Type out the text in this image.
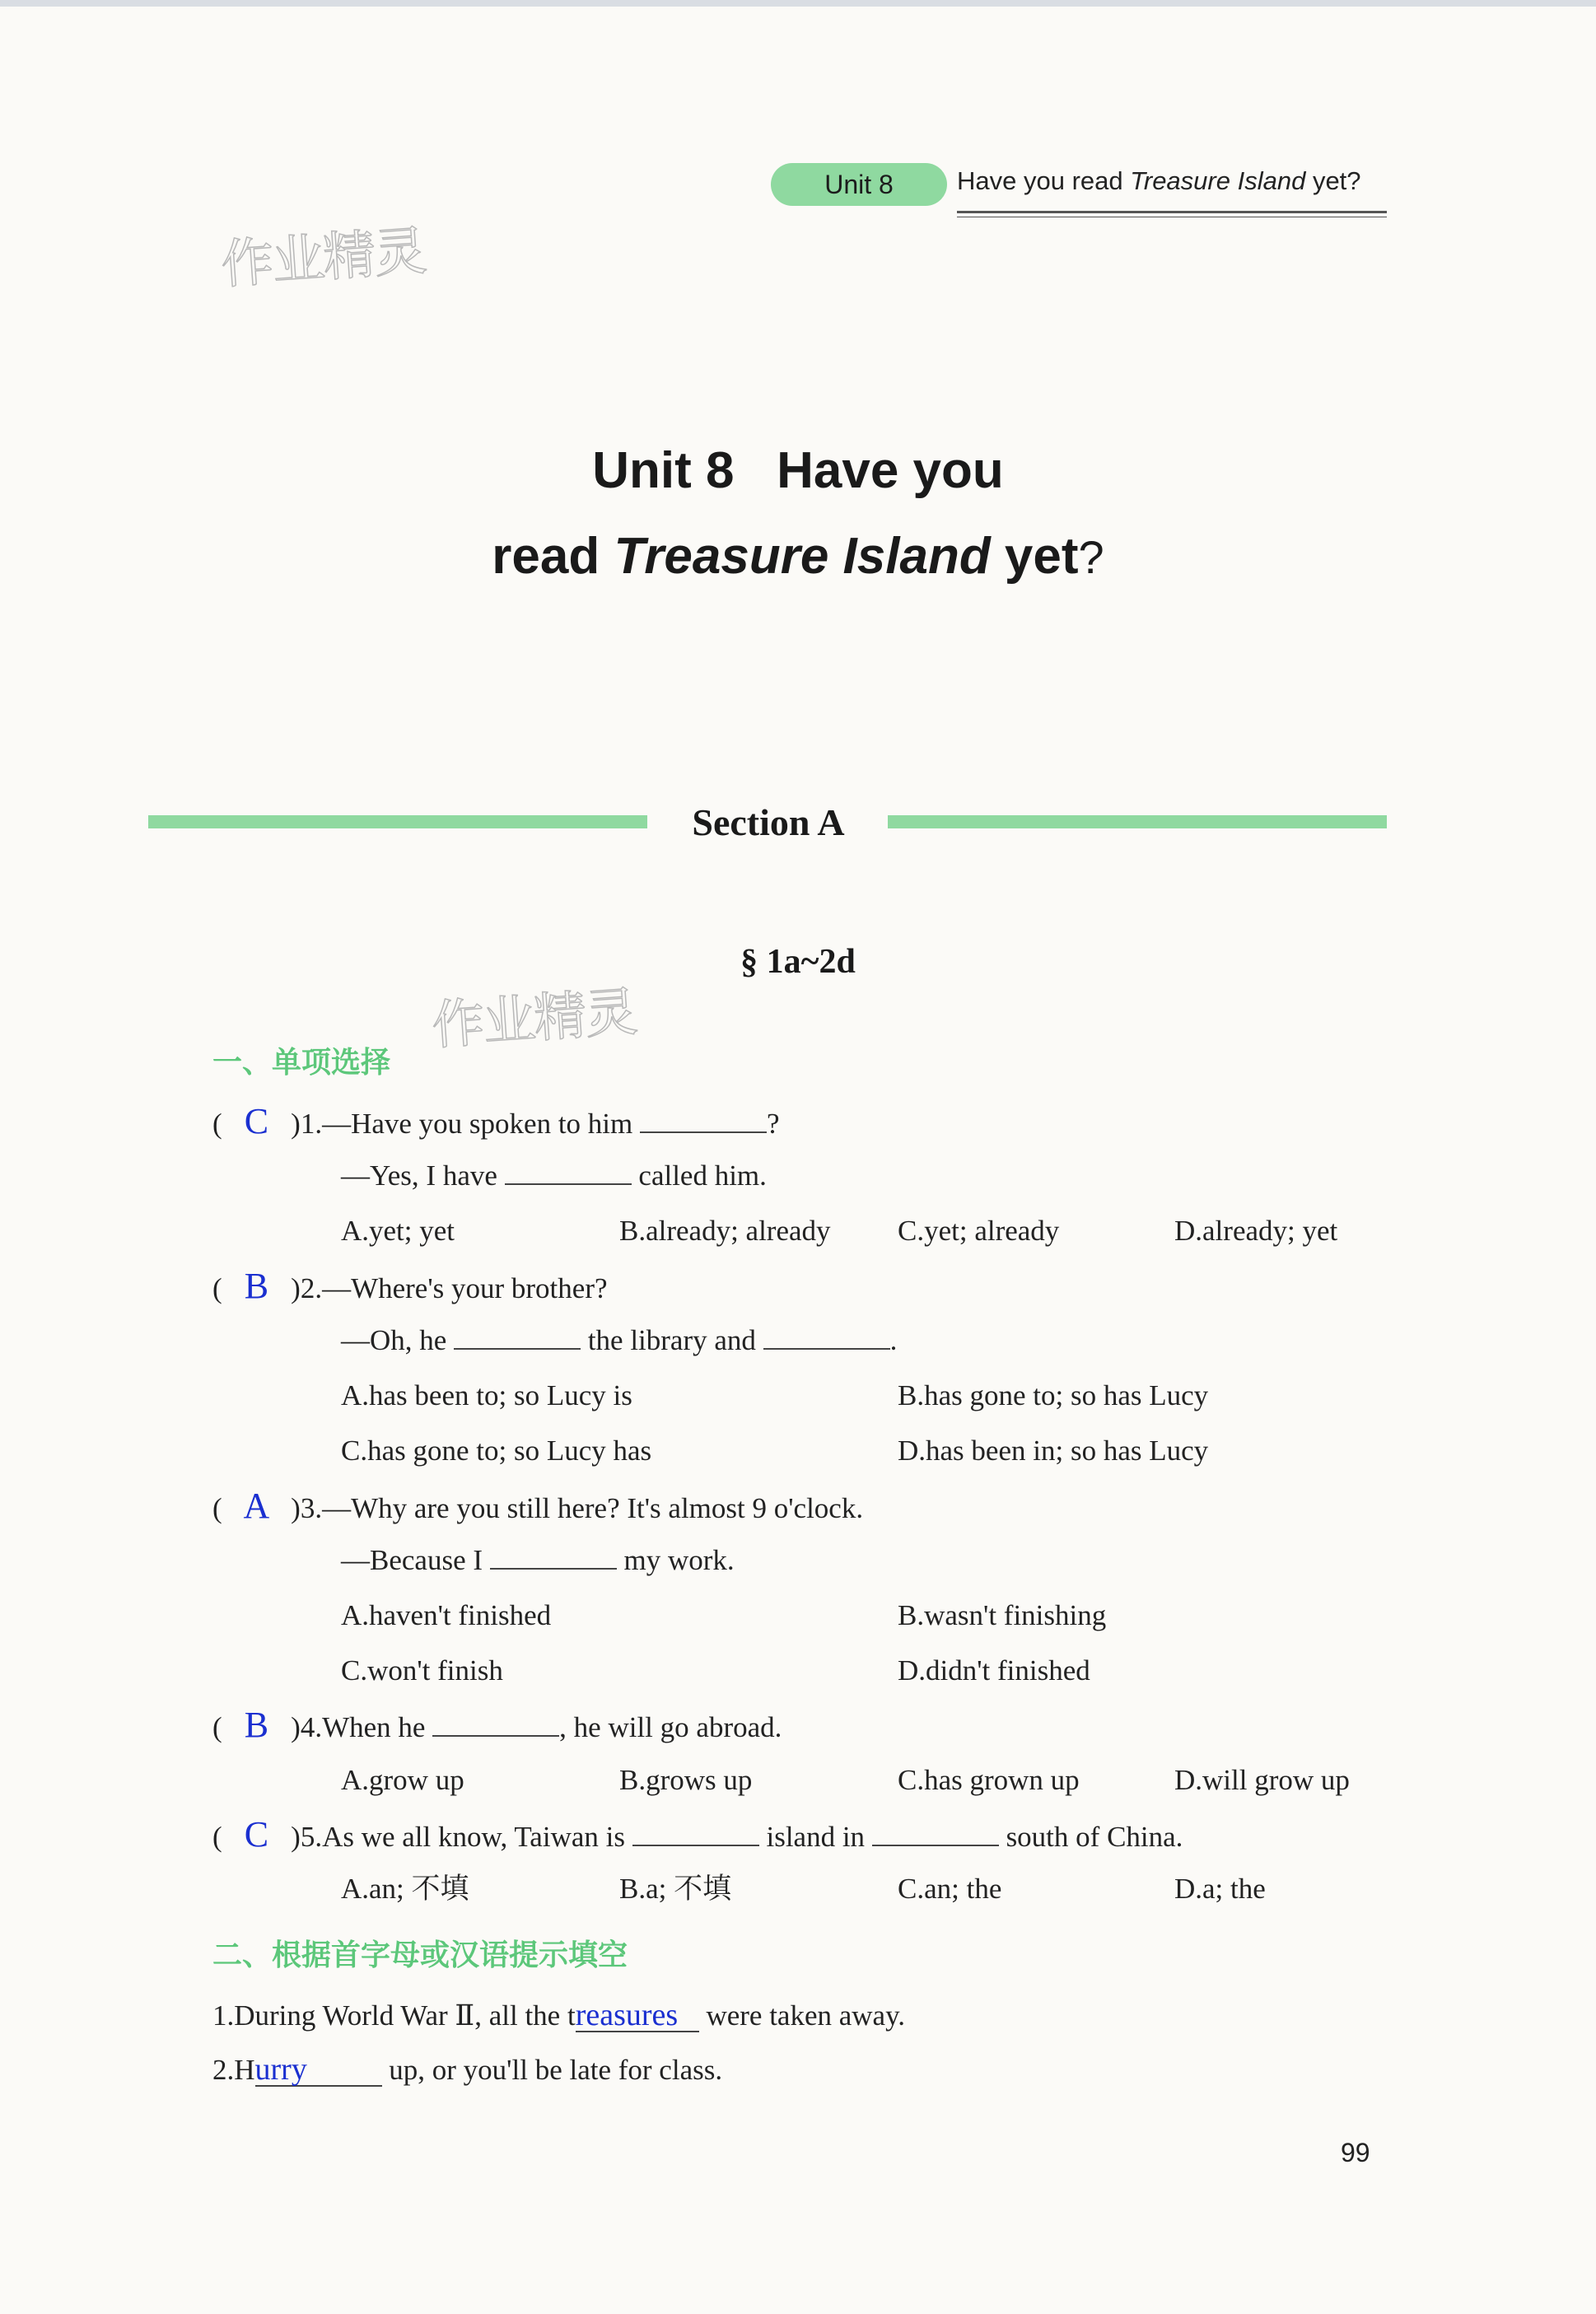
Unit 8 Have you read Treasure Island yet?
作业精灵
作业精灵
Unit 8   Have you
read Treasure Island yet?
Section A
§ 1a~2d
一、单项选择
( C )1.—Have you spoken to him	?
—Yes, I have	called him.
A.yet; yet	B.already; already C.yet; already	D.already; yet
( B )2.—Where's your brother?
—Oh, he	the library and	.
A.has been to; so Lucy is	B.has gone to; so has Lucy
C.has gone to; so Lucy has	D.has been in; so has Lucy
( A )3.—Why are you still here? It's almost 9 o'clock.
—Because I	my work.
A.haven't finished	B.wasn't finishing
C.won't finish	D.didn't finished
( B )4.When he	, he will go abroad.
A.grow up	B.grows up	C.has grown up	D.will grow up
( C )5.As we all know, Taiwan is	island in	south of China.
A.an; 不填	B.a; 不填	C.an; the	D.a; the
二、根据首字母或汉语提示填空
1.During World War Ⅱ, all the treasures were taken away.
2.Hurry	up, or you'll be late for class.
99
